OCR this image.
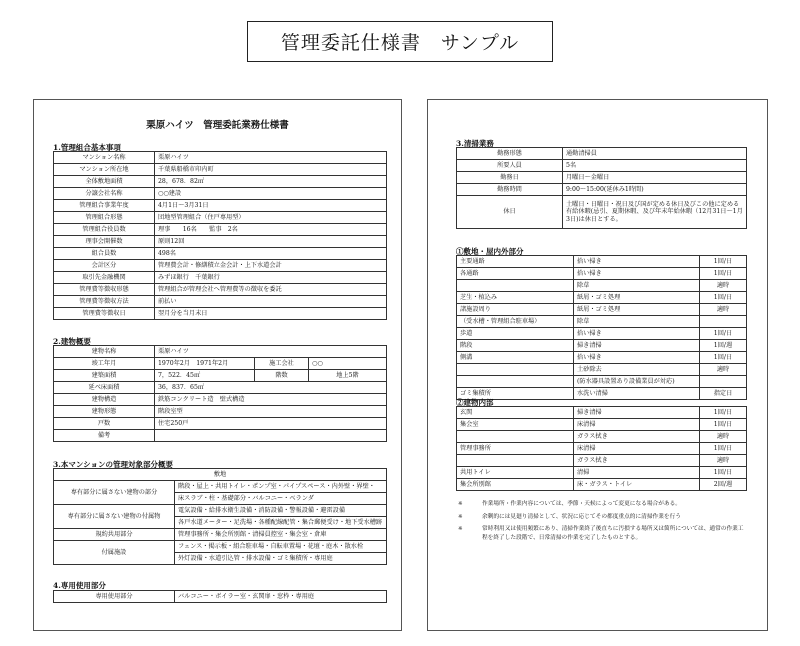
管理委託仕様書　サンプル
栗原ハイツ　管理委託業務仕様書
1.管理組合基本事項
マンション名称	栗原ハイツ
マンション所在地	千葉県船橋市印内町
全体敷地面積	28，678．82㎡
分譲会社名称	○○建設
管理組合事業年度	4月1日～3月31日
管理組合形態	団地型管理組合（住戸専用型）
管理組合役員数	理事　　16名　　監事　2名
理事会開催数	原則12回
組合員数	498名
会計区分	管理費会計・修繕積立金会計・上下水道会計
取引先金融機関	みずほ銀行　千葉銀行
管理費等徴収形態	管理組合が管理会社へ管理費等の徴収を委託
管理費等徴収方法	前払い
管理費等徴収日	翌月分を当月末日
2.建物概要
建物名称	栗原ハイツ		
竣工年月	1970年2月　1971年2月	施工会社	○○
建築面積	7，522．45㎡	階数	地上5階
延べ床面積	36，837．65㎡		
建物構造	鉄筋コンクリート造　壁式構造		
建物形態	階段室型		
戸数	住宅250戸		
備考			
3.本マンションの管理対象部分概要
敷地	
専有部分に属さない建物の部分	階段・屋上・共用トイレ・ポンプ室・パイプスペース・内外壁・界壁・
	床スラブ・柱・基礎部分・バルコニー・ベランダ
専有部分に属さない建物の付属物	電気設備・給排水衛生設備・消防設備・警報設備・避雷設備
	各戸水道メーター・足洗場・各種配線配管・集合郵便受け・地下受水槽跡
規約共用部分	管理事務所・集会所別館・清掃員控室・集会室・倉庫
付属施設	フェンス・掲示板・組合駐車場・自転車置場・花壇・庭木・散水栓
	外灯設備・水道引込管・排水設備・ゴミ集積所・専用庭
4.専用使用部分
専用使用部分	バルコニー・ボイラー室・玄関扉・窓枠・専用庭
3.清掃業務
勤務形態	通勤清掃員
所要人員	5名
勤務日	月曜日～金曜日
勤務時間	9:00～15:00(延休み1時間)
休日	土曜日・日曜日・祝日及び国が定める休日及びこの他に定める有給休暇(忌引、夏期休暇、及び年末年始休暇（12月31日～1月3日)は休日とする。
①敷地・屋内外部分
主要通路	拾い掃き	1回/日
各通路	拾い掃き	1回/日
	除草	適時
芝生・植込み	紙屑・ゴミ処理	1回/日
諸施設周り	紙屑・ゴミ処理	適時
（受水槽・管理組合駐車場）	除草	
歩道	拾い掃き	1回/日
階段	掃き清掃	1回/週
側溝	拾い掃き	1回/日
	土砂除去	適時
	(防水器具設置あり設備業員が対応)	
ゴミ集積所	水洗い清掃	指定日
②建物内部
玄関	掃き清掃	1回/日
集会室	床清掃	1回/日
	ガラス拭き	適時
管理事務所	床清掃	1回/日
	ガラス拭き	適時
共用トイレ	清掃	1回/日
集会所別館	床・ガラス・トイレ	2回/週
※	作業場所・作業内容については、季節・天候によって変更になる場合がある。
※	余剰的には見廻り清掃として、状況に応じてその都度重点的に清掃作業を行う
※	常時利用又は使用頻繁にあり、清掃作業終了後直ちに汚損する場所又は箇所については、通常の作業工程を終了した段階で、日常清掃の作業を完了したものとする。
